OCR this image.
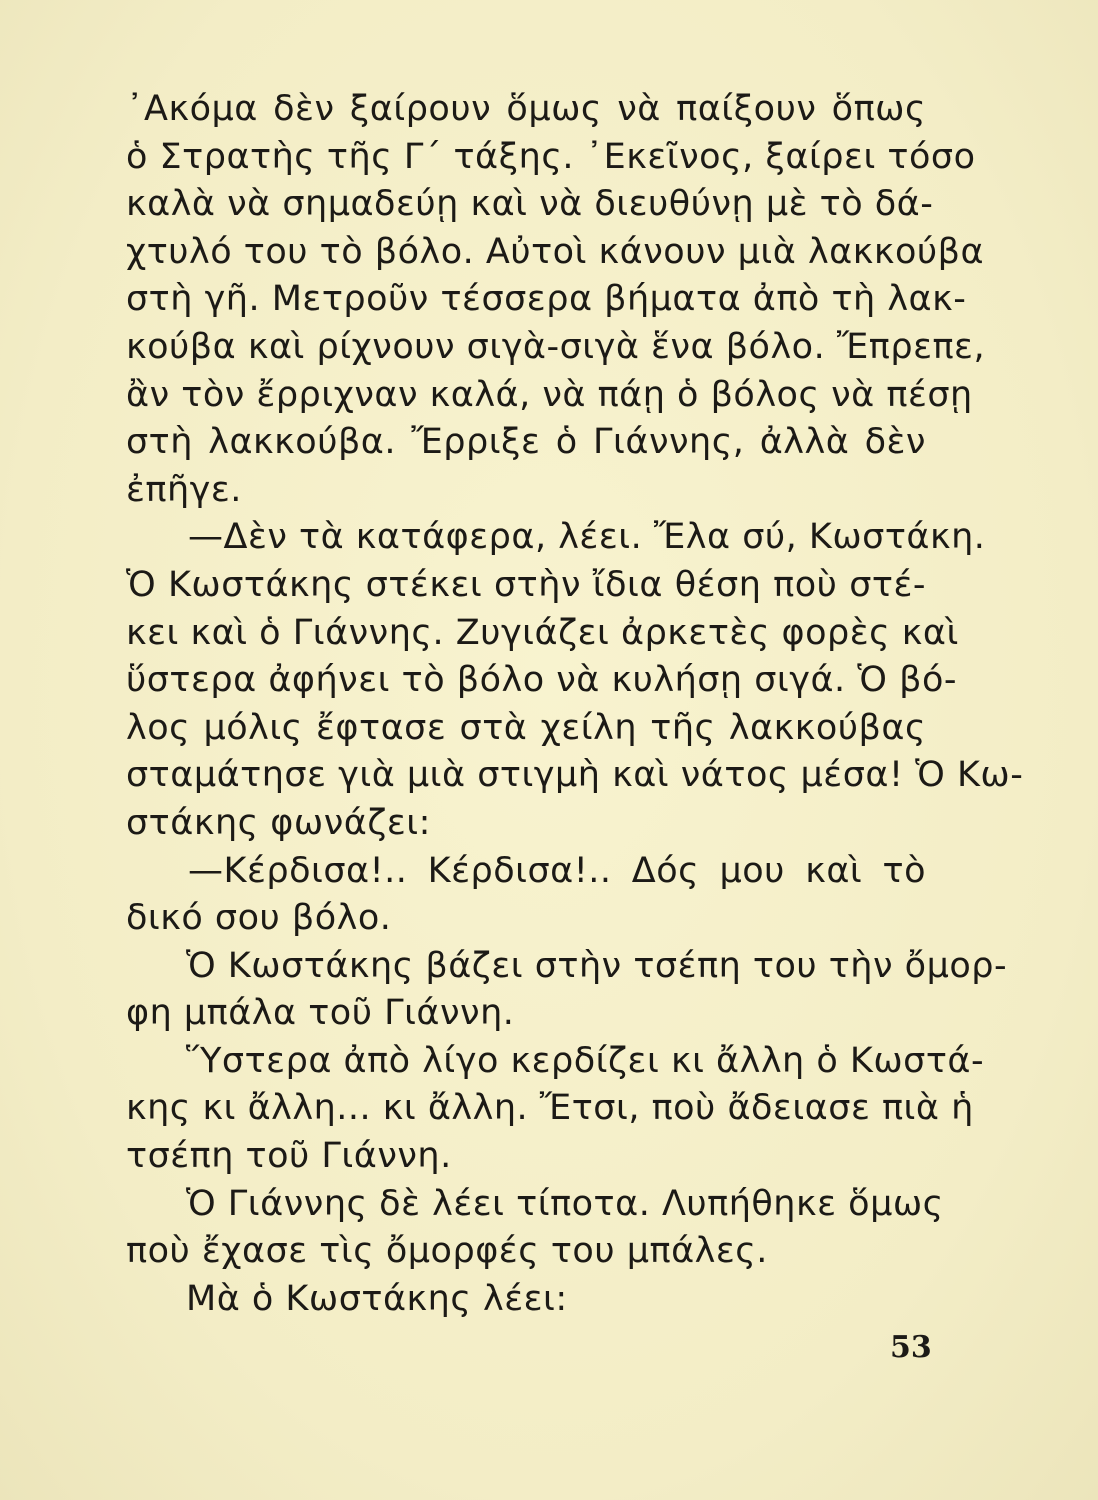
᾽Ακόμα δὲν ξαίρουν ὅμως νὰ παίξουν ὅπως
ὁ Στρατὴς τῆς Γ΄ τάξης. ᾽Εκεῖνος, ξαίρει τόσο
καλὰ νὰ σημαδεύῃ καὶ νὰ διευθύνῃ μὲ τὸ δά-
χτυλό του τὸ βόλο. Αὐτοὶ κάνουν μιὰ λακκούβα
στὴ γῆ. Μετροῦν τέσσερα βήματα ἀπὸ τὴ λακ-
κούβα καὶ ρίχνουν σιγὰ-σιγὰ ἕνα βόλο. Ἔπρεπε,
ἂν τὸν ἔρριχναν καλά, νὰ πάῃ ὁ βόλος νὰ πέσῃ
στὴ λακκούβα. Ἔρριξε ὁ Γιάννης, ἀλλὰ δὲν
ἐπῆγε.
—Δὲν τὰ κατάφερα, λέει. Ἔλα σύ, Κωστάκη.
Ὁ Κωστάκης στέκει στὴν ἴδια θέση ποὺ στέ-
κει καὶ ὁ Γιάννης. Ζυγιάζει ἀρκετὲς φορὲς καὶ
ὕστερα ἀφήνει τὸ βόλο νὰ κυλήσῃ σιγά. Ὁ βό-
λος μόλις ἔφτασε στὰ χείλη τῆς λακκούβας
σταμάτησε γιὰ μιὰ στιγμὴ καὶ νάτος μέσα! Ὁ Κω-
στάκης φωνάζει:
—Κέρδισα!.. Κέρδισα!.. Δός μου καὶ τὸ
δικό σου βόλο.
Ὁ Κωστάκης βάζει στὴν τσέπη του τὴν ὄμορ-
φη μπάλα τοῦ Γιάννη.
Ὕστερα ἀπὸ λίγο κερδίζει κι ἄλλη ὁ Κωστά-
κης κι ἄλλη... κι ἄλλη. Ἔτσι, ποὺ ἄδειασε πιὰ ἡ
τσέπη τοῦ Γιάννη.
Ὁ Γιάννης δὲ λέει τίποτα. Λυπήθηκε ὅμως
ποὺ ἔχασε τὶς ὄμορφές του μπάλες.
Μὰ ὁ Κωστάκης λέει:
53
